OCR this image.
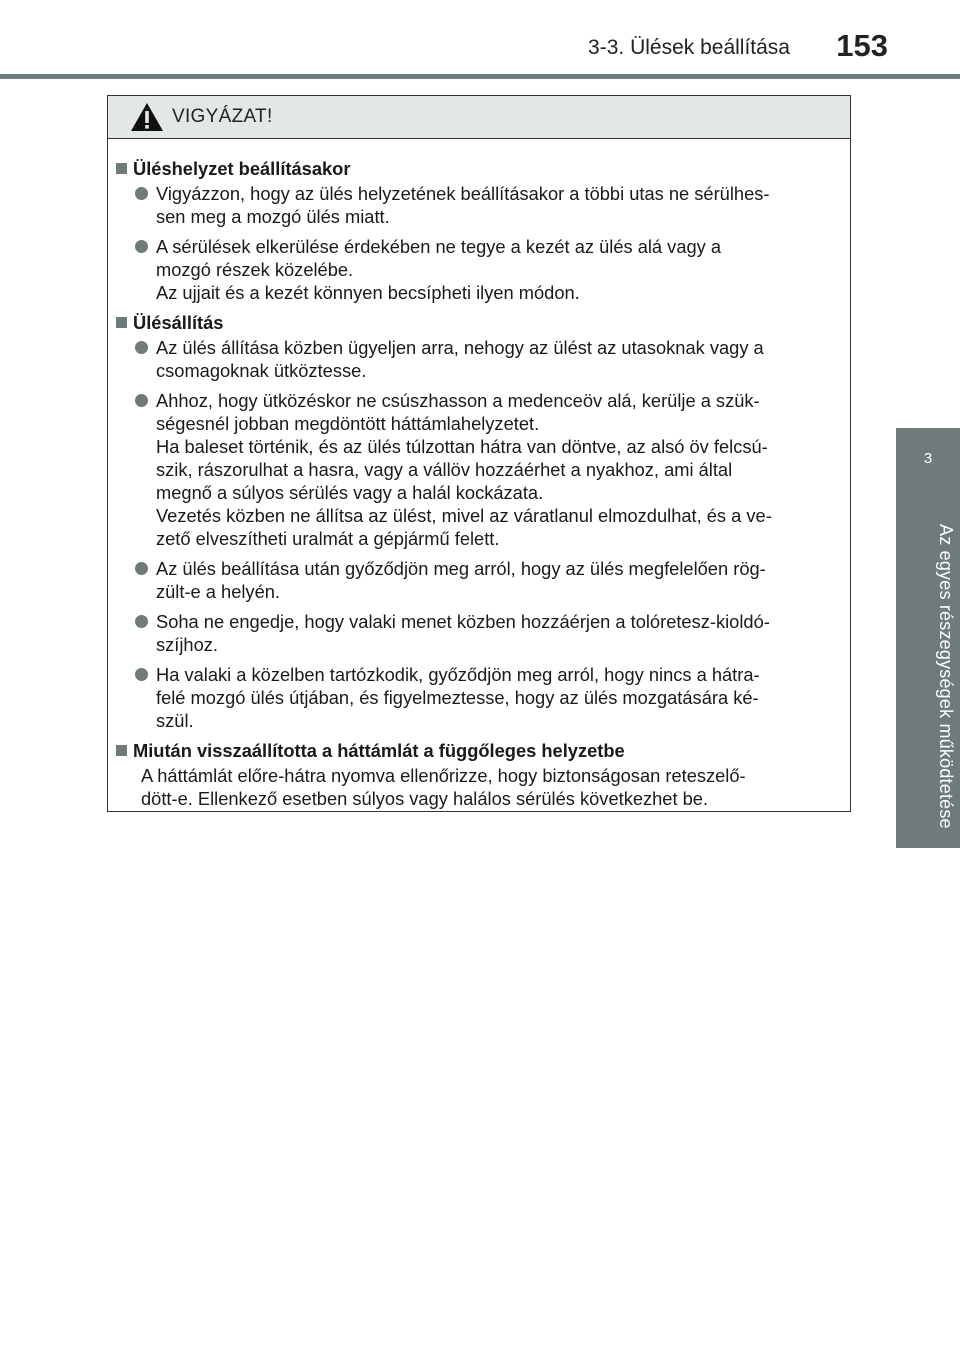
3-3. Ülések beállítása	153
3
Az egyes részegységek működtetése
VIGYÁZAT!
Üléshelyzet beállításakor
Vigyázzon, hogy az ülés helyzetének beállításakor a többi utas ne sérülhes-
sen meg a mozgó ülés miatt.
A sérülések elkerülése érdekében ne tegye a kezét az ülés alá vagy a
mozgó részek közelébe.
Az ujjait és a kezét könnyen becsípheti ilyen módon.
Ülésállítás
Az ülés állítása közben ügyeljen arra, nehogy az ülést az utasoknak vagy a
csomagoknak ütköztesse.
Ahhoz, hogy ütközéskor ne csúszhasson a medenceöv alá, kerülje a szük-
ségesnél jobban megdöntött háttámlahelyzetet.
Ha baleset történik, és az ülés túlzottan hátra van döntve, az alsó öv felcsú-
szik, rászorulhat a hasra, vagy a vállöv hozzáérhet a nyakhoz, ami által
megnő a súlyos sérülés vagy a halál kockázata.
Vezetés közben ne állítsa az ülést, mivel az váratlanul elmozdulhat, és a ve-
zető elveszítheti uralmát a gépjármű felett.
Az ülés beállítása után győződjön meg arról, hogy az ülés megfelelően rög-
zült-e a helyén.
Soha ne engedje, hogy valaki menet közben hozzáérjen a tolóretesz-kioldó-
szíjhoz.
Ha valaki a közelben tartózkodik, győződjön meg arról, hogy nincs a hátra-
felé mozgó ülés útjában, és figyelmeztesse, hogy az ülés mozgatására ké-
szül.
Miután visszaállította a háttámlát a függőleges helyzetbe
A háttámlát előre-hátra nyomva ellenőrizze, hogy biztonságosan reteszelő-
dött-e. Ellenkező esetben súlyos vagy halálos sérülés következhet be.
